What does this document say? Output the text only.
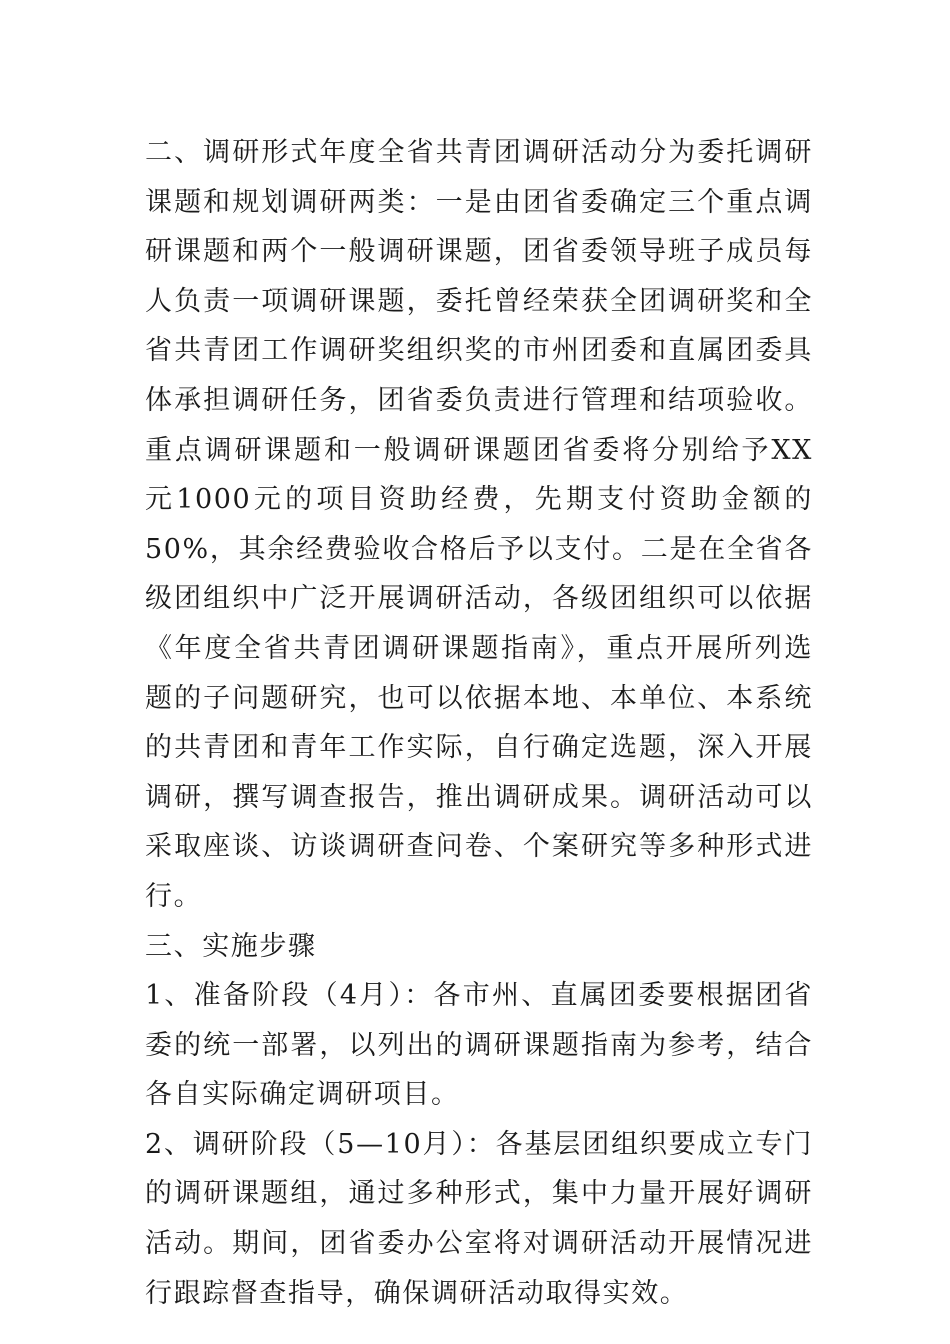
二、调研形式年度全省共青团调研活动分为委托调研课题和规划调研两类：一是由团省委确定三个重点调研课题和两个一般调研课题，团省委领导班子成员每人负责一项调研课题，委托曾经荣获全团调研奖和全省共青团工作调研奖组织奖的市州团委和直属团委具体承担调研任务，团省委负责进行管理和结项验收。重点调研课题和一般调研课题团省委将分别给予XX元1000元的项目资助经费，先期支付资助金额的50%，其余经费验收合格后予以支付。二是在全省各级团组织中广泛开展调研活动，各级团组织可以依据《年度全省共青团调研课题指南》，重点开展所列选题的子问题研究，也可以依据本地、本单位、本系统的共青团和青年工作实际，自行确定选题，深入开展调研，撰写调查报告，推出调研成果。调研活动可以采取座谈、访谈调研查问卷、个案研究等多种形式进行。

三、实施步骤

1、准备阶段（4月）：各市州、直属团委要根据团省委的统一部署，以列出的调研课题指南为参考，结合各自实际确定调研项目。

2、调研阶段（5—10月）：各基层团组织要成立专门的调研课题组，通过多种形式，集中力量开展好调研活动。期间，团省委办公室将对调研活动开展情况进行跟踪督查指导，确保调研活动取得实效。
